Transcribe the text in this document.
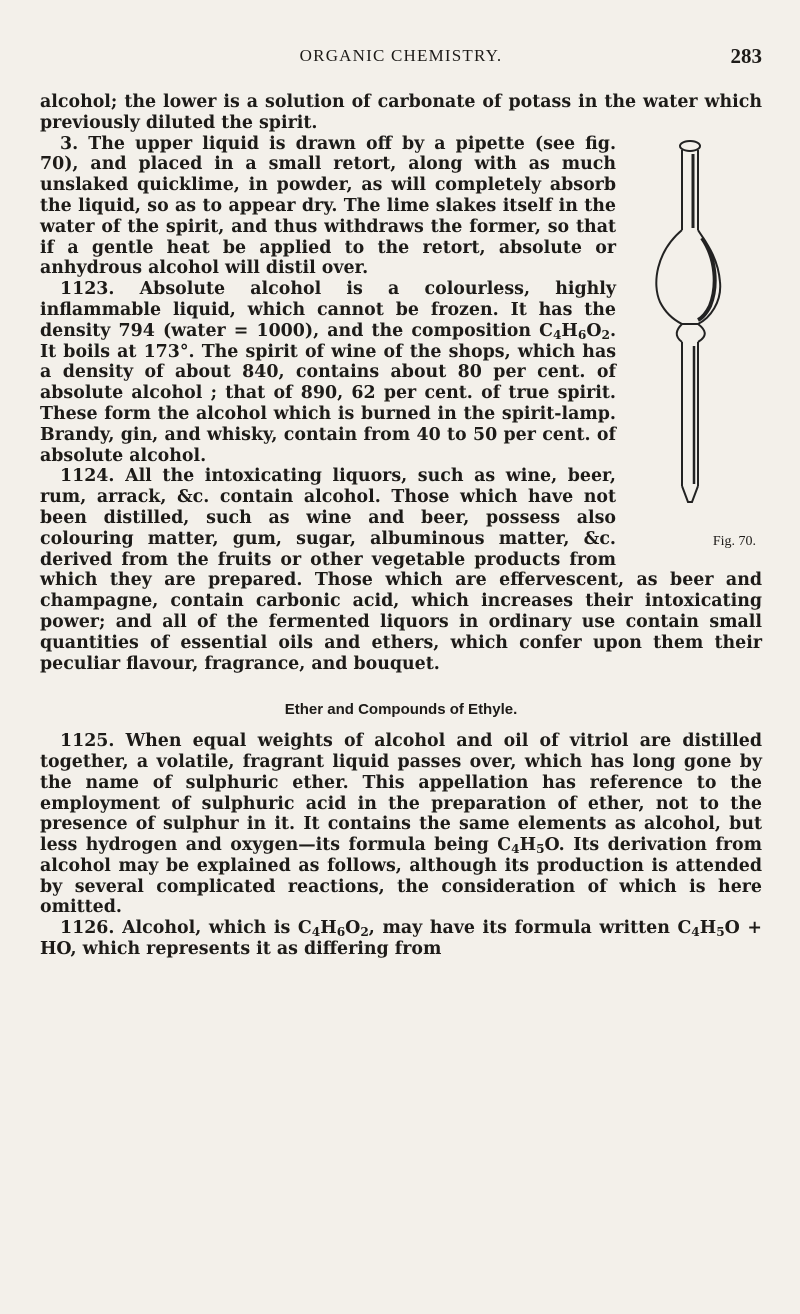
ORGANIC CHEMISTRY.	283

alcohol; the lower is a solution of carbonate of potass in the water which previously diluted the spirit.

Fig. 70.

3. The upper liquid is drawn off by a pipette (see fig. 70), and placed in a small retort, along with as much unslaked quicklime, in powder, as will completely absorb the liquid, so as to appear dry. The lime slakes itself in the water of the spirit, and thus withdraws the former, so that if a gentle heat be applied to the retort, absolute or anhydrous alcohol will distil over.

1123. Absolute alcohol is a colourless, highly inflammable liquid, which cannot be frozen. It has the density 794 (water = 1000), and the composition $C_4H_6O_2$. It boils at 173°. The spirit of wine of the shops, which has a density of about 840, contains about 80 per cent. of absolute alcohol ; that of 890, 62 per cent. of true spirit. These form the alcohol which is burned in the spirit-lamp. Brandy, gin, and whisky, contain from 40 to 50 per cent. of absolute alcohol.

1124. All the intoxicating liquors, such as wine, beer, rum, arrack, &c. contain alcohol. Those which have not been distilled, such as wine and beer, possess also colouring matter, gum, sugar, albuminous matter, &c. derived from the fruits or other vegetable products from which they are prepared. Those which are effervescent, as beer and champagne, contain carbonic acid, which increases their intoxicating power; and all of the fermented liquors in ordinary use contain small quantities of essential oils and ethers, which confer upon them their peculiar flavour, fragrance, and bouquet.

Ether and Compounds of Ethyle.

1125. When equal weights of alcohol and oil of vitriol are distilled together, a volatile, fragrant liquid passes over, which has long gone by the name of sulphuric ether. This appellation has reference to the employment of sulphuric acid in the preparation of ether, not to the presence of sulphur in it. It contains the same elements as alcohol, but less hydrogen and oxygen—its formula being $C_4H_5O$. Its derivation from alcohol may be explained as follows, although its production is attended by several complicated reactions, the consideration of which is here omitted.

1126. Alcohol, which is $C_4H_6O_2$, may have its formula written $C_4H_5O$ + HO, which represents it as differing from
